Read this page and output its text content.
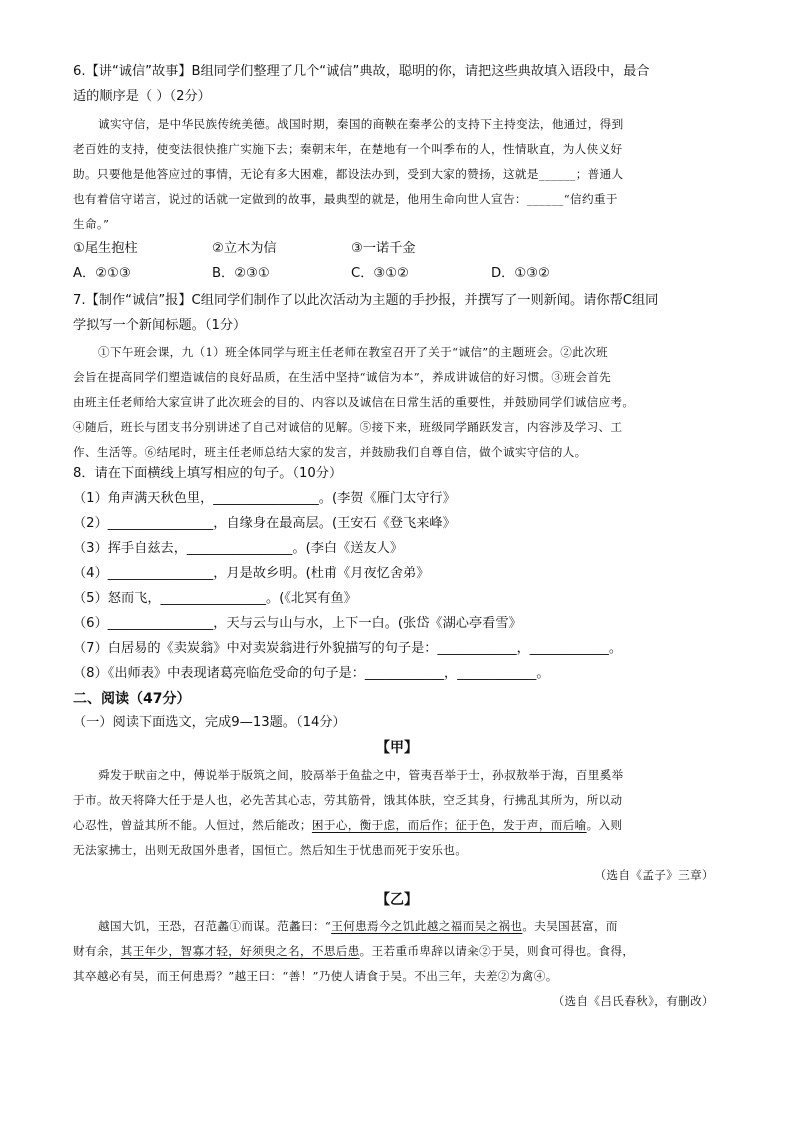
6.【讲“诚信”故事】B组同学们整理了几个“诚信”典故，聪明的你，请把这些典故填入语段中，最合
适的顺序是（ ）（2分）
诚实守信，是中华民族传统美德。战国时期，秦国的商鞅在秦孝公的支持下主持变法，他通过，得到
老百姓的支持，使变法很快推广实施下去；秦朝末年，在楚地有一个叫季布的人，性情耿直，为人侠义好
助。只要他是他答应过的事情，无论有多大困难，都设法办到，受到大家的赞扬，这就是______；普通人
也有着信守诺言，说过的话就一定做到的故事，最典型的就是，他用生命向世人宣告：______“信约重于
生命。”
①尾生抱柱	②立木为信	③一诺千金
A．②①③	B．②③①	C．③①②	D．①③②
7.【制作“诚信”报】C组同学们制作了以此次活动为主题的手抄报，并撰写了一则新闻。请你帮C组同
学拟写一个新闻标题。（1分）
①下午班会课，九（1）班全体同学与班主任老师在教室召开了关于“诚信”的主题班会。②此次班
会旨在提高同学们塑造诚信的良好品质，在生活中坚持“诚信为本”，养成讲诚信的好习惯。③班会首先
由班主任老师给大家宣讲了此次班会的目的、内容以及诚信在日常生活的重要性，并鼓励同学们诚信应考。
④随后，班长与团支书分别讲述了自己对诚信的见解。⑤接下来，班级同学踊跃发言，内容涉及学习、工
作、生活等。⑥结尾时，班主任老师总结大家的发言，并鼓励我们自尊自信，做个诚实守信的人。
8．请在下面横线上填写相应的句子。（10分）
（1）角声满天秋色里，________________。(李贺《雁门太守行》
（2）________________，自缘身在最高层。(王安石《登飞来峰》
（3）挥手自兹去，________________。(李白《送友人》
（4）________________，月是故乡明。(杜甫《月夜忆舍弟》
（5）怒而飞，________________。(《北冥有鱼》
（6）________________，天与云与山与水，上下一白。(张岱《湖心亭看雪》
（7）白居易的《卖炭翁》中对卖炭翁进行外貌描写的句子是：____________，____________。
（8）《出师表》中表现诸葛亮临危受命的句子是：____________，____________。
二、阅读（47分）
（一）阅读下面选文，完成9—13题。（14分）
【甲】
舜发于畎亩之中，傅说举于版筑之间，胶鬲举于鱼盐之中，管夷吾举于士，孙叔敖举于海，百里奚举
于市。故天将降大任于是人也，必先苦其心志，劳其筋骨，饿其体肤，空乏其身，行拂乱其所为，所以动
心忍性，曾益其所不能。人恒过，然后能改；困于心，衡于虑，而后作；征于色，发于声，而后喻。入则
无法家拂士，出则无敌国外患者，国恒亡。然后知生于忧患而死于安乐也。
（选自《孟子》三章）
【乙】
越国大饥，王恐，召范蠡①而谋。范蠡曰：“王何患焉今之饥此越之福而吴之祸也。夫吴国甚富，而
财有余，其王年少，智寡才轻，好须臾之名，不思后患。王若重币卑辞以请籴②于吴，则食可得也。食得，
其卒越必有吴，而王何患焉？”越王曰：“善！”乃使人请食于吴。不出三年，夫差②为禽④。
（选自《吕氏春秋》，有删改）
